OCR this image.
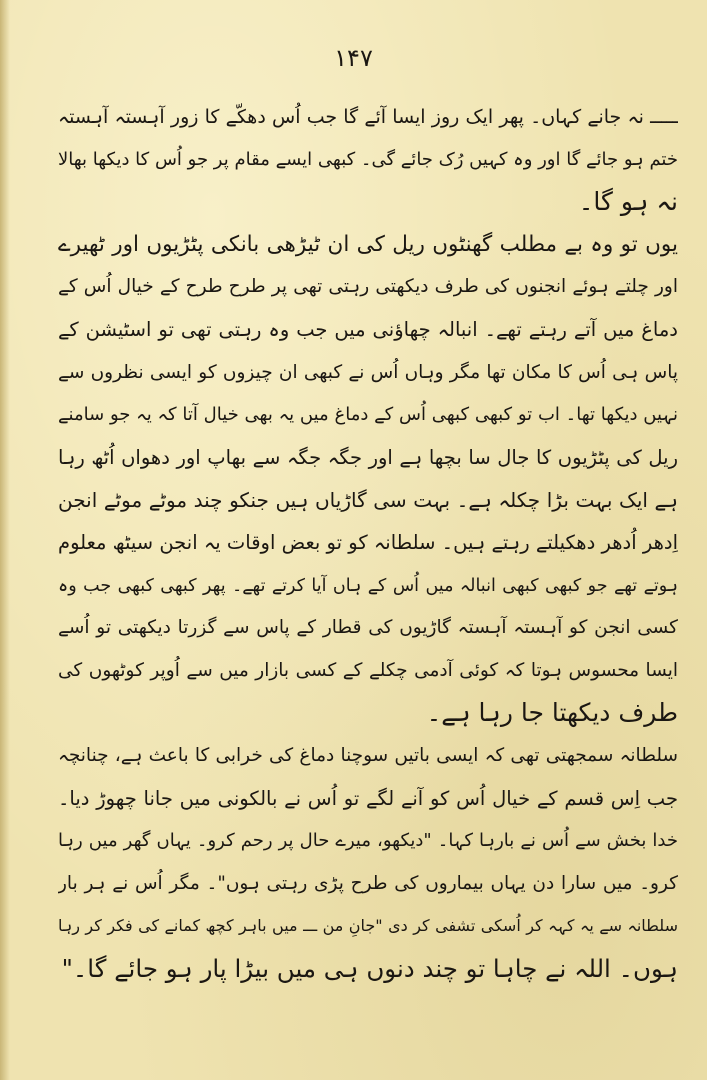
۱۴۷
ـــــ نہ جانے کہاں۔ پھر ایک روز ایسا آئے گا جب اُس دھکّے کا زور آہستہ آہستہ
ختم ہو جائے گا اور وہ کہیں رُک جائے گی۔ کبھی ایسے مقام پر جو اُس کا دیکھا بھالا
نہ ہو گا۔
یوں تو وہ بے مطلب گھنٹوں ریل کی ان ٹیڑھی بانکی پٹڑیوں اور ٹھیرے
اور چلتے ہوئے انجنوں کی طرف دیکھتی رہتی تھی پر طرح طرح کے خیال اُس کے
دماغ میں آتے رہتے تھے۔ انبالہ چھاؤنی میں جب وہ رہتی تھی تو اسٹیشن کے
پاس ہی اُس کا مکان تھا مگر وہاں اُس نے کبھی ان چیزوں کو ایسی نظروں سے
نہیں دیکھا تھا۔ اب تو کبھی کبھی اُس کے دماغ میں یہ بھی خیال آتا کہ یہ جو سامنے
ریل کی پٹڑیوں کا جال سا بچھا ہے اور جگہ جگہ سے بھاپ اور دھواں اُٹھ رہا
ہے ایک بہت بڑا چکلہ ہے۔ بہت سی گاڑیاں ہیں جنکو چند موٹے موٹے انجن
اِدھر اُدھر دھکیلتے رہتے ہیں۔ سلطانہ کو تو بعض اوقات یہ انجن سیٹھ معلوم
ہوتے تھے جو کبھی کبھی انبالہ میں اُس کے ہاں آیا کرتے تھے۔ پھر کبھی کبھی جب وہ
کسی انجن کو آہستہ آہستہ گاڑیوں کی قطار کے پاس سے گزرتا دیکھتی تو اُسے
ایسا محسوس ہوتا کہ کوئی آدمی چکلے کے کسی بازار میں سے اُوپر کوٹھوں کی
طرف دیکھتا جا رہا ہے۔
سلطانہ سمجھتی تھی کہ ایسی باتیں سوچنا دماغ کی خرابی کا باعث ہے، چنانچہ
جب اِس قسم کے خیال اُس کو آنے لگے تو اُس نے بالکونی میں جانا چھوڑ دیا۔
خدا بخش سے اُس نے بارہا کہا۔ "دیکھو، میرے حال پر رحم کرو۔ یہاں گھر میں رہا
کرو۔ میں سارا دن یہاں بیماروں کی طرح پڑی رہتی ہوں"۔ مگر اُس نے ہر بار
سلطانہ سے یہ کہہ کر اُسکی تشفی کر دی "جانِ من ـــ میں باہر کچھ کمانے کی فکر کر رہا
ہوں۔ اللہ نے چاہا تو چند دنوں ہی میں بیڑا پار ہو جائے گا۔"
